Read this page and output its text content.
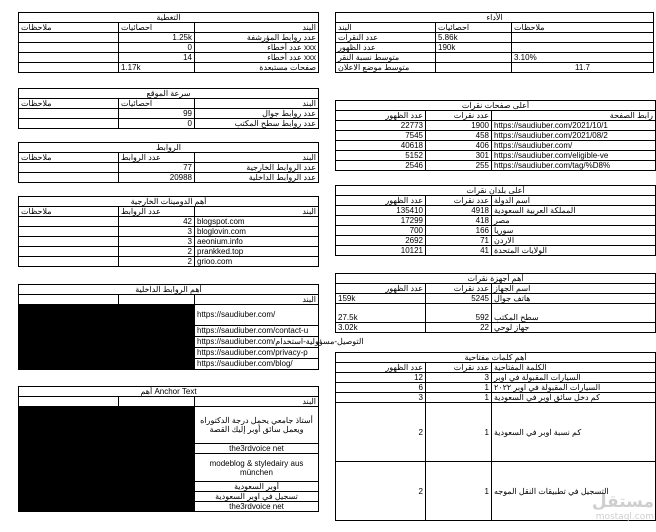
التغطية		
ملاحظات	احصائيات	البند
	1.25k	عدد روابط المؤرشفة
	0	عدد أخطاء xxx
	14	عدد أخطاء xxx
	1.17k	صفحات مستبعدة
الأداء		
البند	احصائيات	ملاحظات
عدد النقرات	5.86k	
عدد الظهور	190k	
متوسط نسبة النقر		3.10%
متوسط موضع الاعلان		11.7
سرعة الموقع		
ملاحظات	احصائيات	البند
	99	عدد روابط جوال
	0	عدد روابط سطح المكتب
الروابط		
ملاحظات	عدد الروابط	البند
	77	عدد الروابط الخارجية
	20988	عدد الروابط الداخلية
أهم الدومينات الخارجية		
ملاحظات	عدد الروابط	البند
	42	blogspot.com
	3	bloglovin.com
	3	aeonium.info
	2	prankked.top
	2	grioo.com
أهم الروابط الداخلية		
		البند
		https://saudiuber.com/
		https://saudiuber.com/contact-u
		https://saudiuber.com/التوصيل-مسؤولية-استخدام
		https://saudiuber.com/privacy-p
		https://saudiuber.com/blog/
أهم Anchor Text		
		البند
		أستاذ جامعي يحمل درجة الدكتوراه ويعمل سائق أوبر إليك القصة
		the3rdvoice net
		modeblog & styledairy aus münchen
		أوبر السعودية
		تسجيل في اوبر السعودية
		the3rdvoice net
أعلى صفحات نقرات		
عدد الظهور	عدد نقرات	رابط الصفحة
22773	1900	https://saudiuber.com/2021/10/1
7545	458	https://saudiuber.com/2021/08/2
40618	406	https://saudiuber.com/
5152	301	https://saudiuber.com/eligible-ve
2546	255	https://saudiuber.com/tag/%D8%
أعلى بلدان نقرات		
عدد الظهور	عدد نقرات	اسم الدولة
135410	4918	المملكة العربية السعودية
17299	418	مصر
700	166	سوريا
2692	71	الاردن
10121	41	الولايات المتحدة
أهم أجهزة نقرات		
عدد الظهور	عدد نقرات	اسم الجهاز
159k	5245	هاتف جوال
27.5k	592	سطح المكتب
3.02k	22	جهاز لوحي
أهم كلمات مفتاحية		
عدد الظهور	عدد نقرات	الكلمة المفتاحية
12	3	السيارات المقبولة في اوبر
6	1	السيارات المقبولة في اوبر ٢٠٢٢
3	1	كم دخل سائق اوبر في السعودية
2	1	كم نسبة اوبر في السعودية
2	1	التسجيل في تطبيقات النقل الموجه
مستقل
mostaql.com
